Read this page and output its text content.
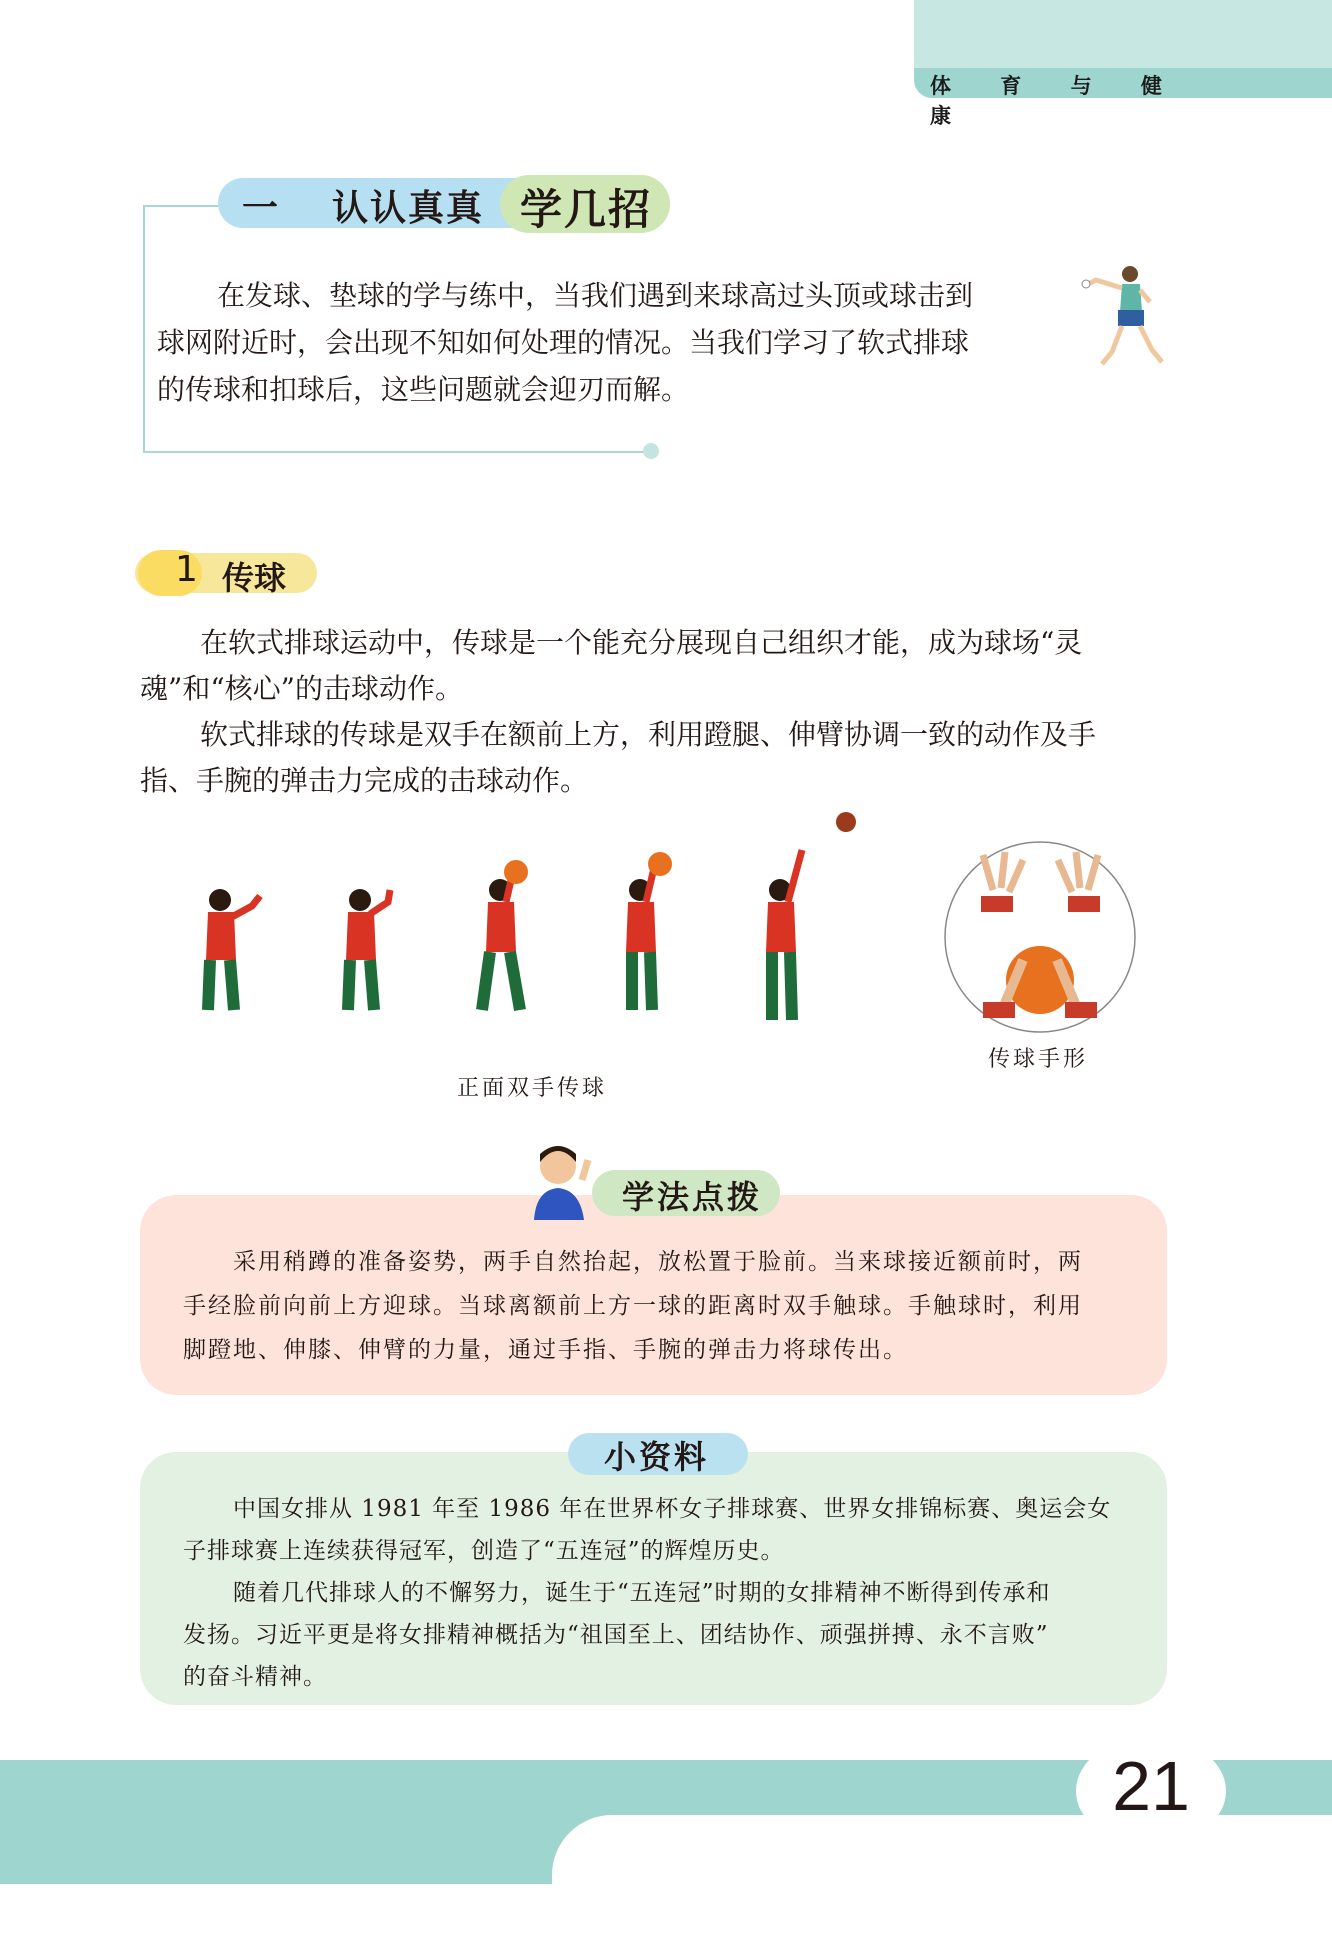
体 育 与 健 康
一 认认真真 学几招
在发球、垫球的学与练中，当我们遇到来球高过头顶或球击到
球网附近时，会出现不知如何处理的情况。当我们学习了软式排球
的传球和扣球后，这些问题就会迎刃而解。
1 传球
在软式排球运动中，传球是一个能充分展现自己组织才能，成为球场“灵
魂”和“核心”的击球动作。
软式排球的传球是双手在额前上方，利用蹬腿、伸臂协调一致的动作及手
指、手腕的弹击力完成的击球动作。
正面双手传球
传球手形
学法点拨
采用稍蹲的准备姿势，两手自然抬起，放松置于脸前。当来球接近额前时，两
手经脸前向前上方迎球。当球离额前上方一球的距离时双手触球。手触球时，利用
脚蹬地、伸膝、伸臂的力量，通过手指、手腕的弹击力将球传出。
小资料
中国女排从 1981 年至 1986 年在世界杯女子排球赛、世界女排锦标赛、奥运会女
子排球赛上连续获得冠军，创造了“五连冠”的辉煌历史。
随着几代排球人的不懈努力，诞生于“五连冠”时期的女排精神不断得到传承和
发扬。习近平更是将女排精神概括为“祖国至上、团结协作、顽强拼搏、永不言败”
的奋斗精神。
21
